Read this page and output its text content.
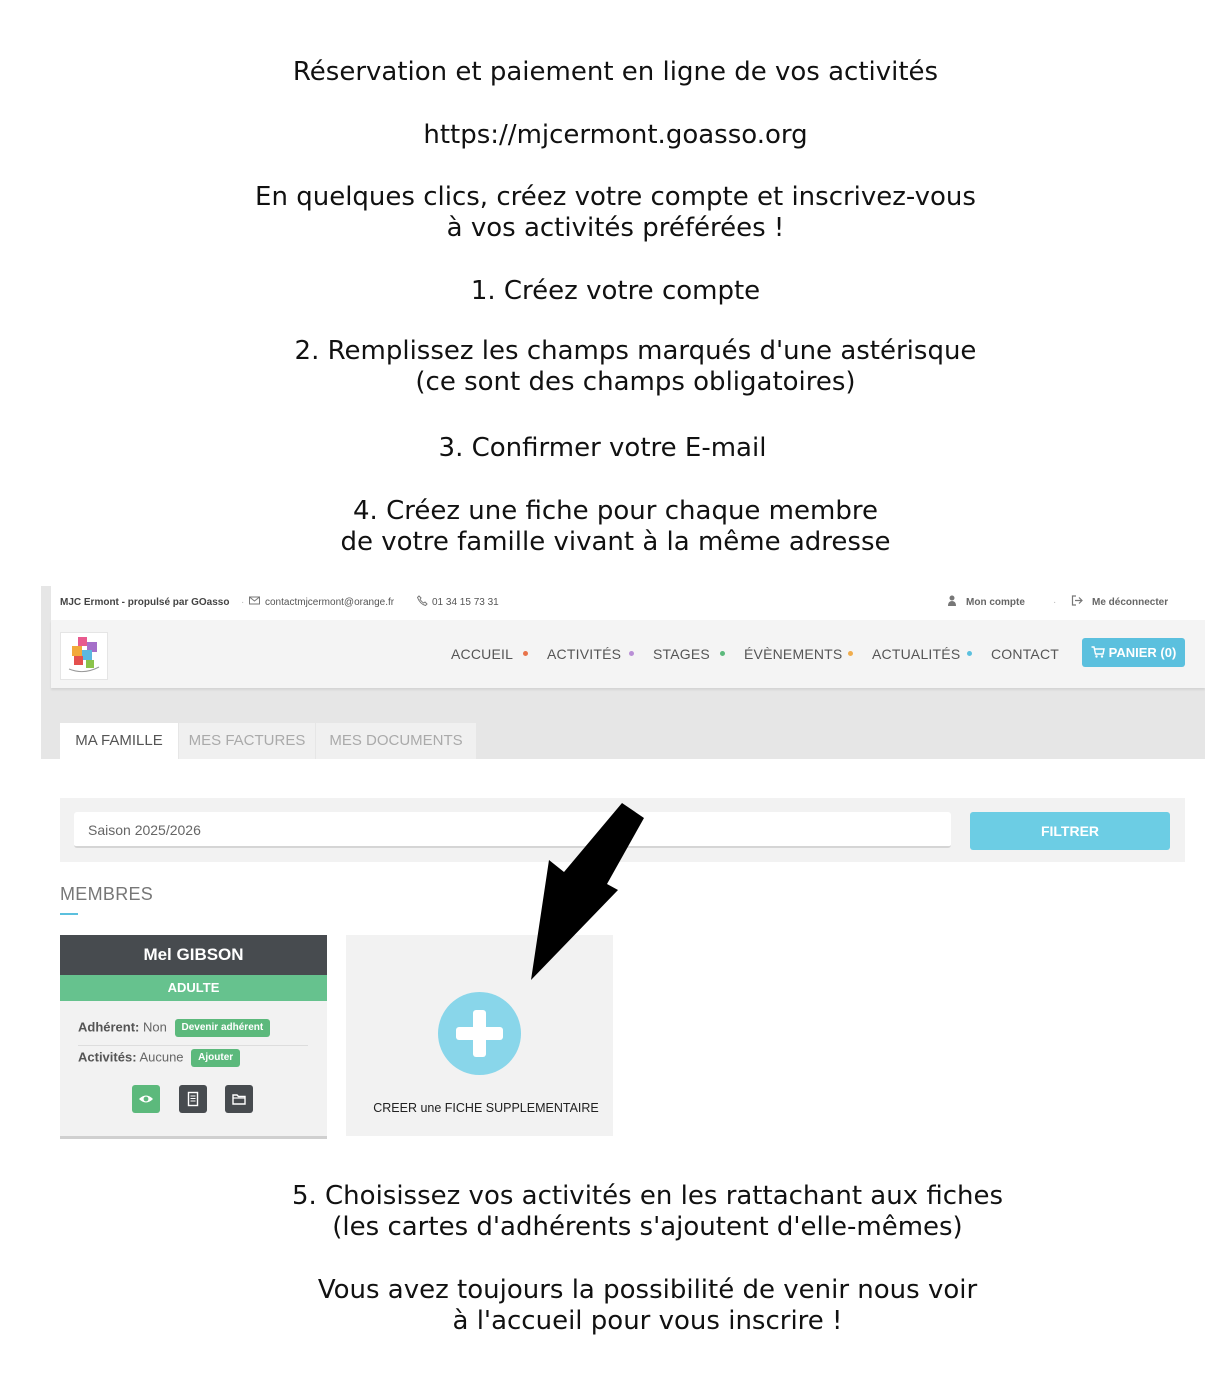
Réservation et paiement en ligne de vos activités
https://mjcermont.goasso.org
En quelques clics, créez votre compte et inscrivez-vous
à vos activités préférées !
1. Créez votre compte
2. Remplissez les champs marqués d'une astérisque
(ce sont des champs obligatoires)
3. Confirmer votre E-mail
4. Créez une fiche pour chaque membre
de votre famille vivant à la même adresse
MJC Ermont - propulsé par GOasso · contactmjcermont@orange.fr	01 34 15 73 31	Mon compte	·	Me déconnecter
ACCUEIL ACTIVITÉS STAGES ÉVÈNEMENTS ACTUALITÉS CONTACT	PANIER (0)
MA FAMILLE	MES FACTURES	MES DOCUMENTS
Saison 2025/2026	FILTRER
MEMBRES
Mel GIBSON
ADULTE
Adhérent: Non Devenir adhérent
Activités: Aucune Ajouter
CREER une FICHE SUPPLEMENTAIRE
5. Choisissez vos activités en les rattachant aux fiches
(les cartes d'adhérents s'ajoutent d'elle-mêmes)
Vous avez toujours la possibilité de venir nous voir
à l'accueil pour vous inscrire !
